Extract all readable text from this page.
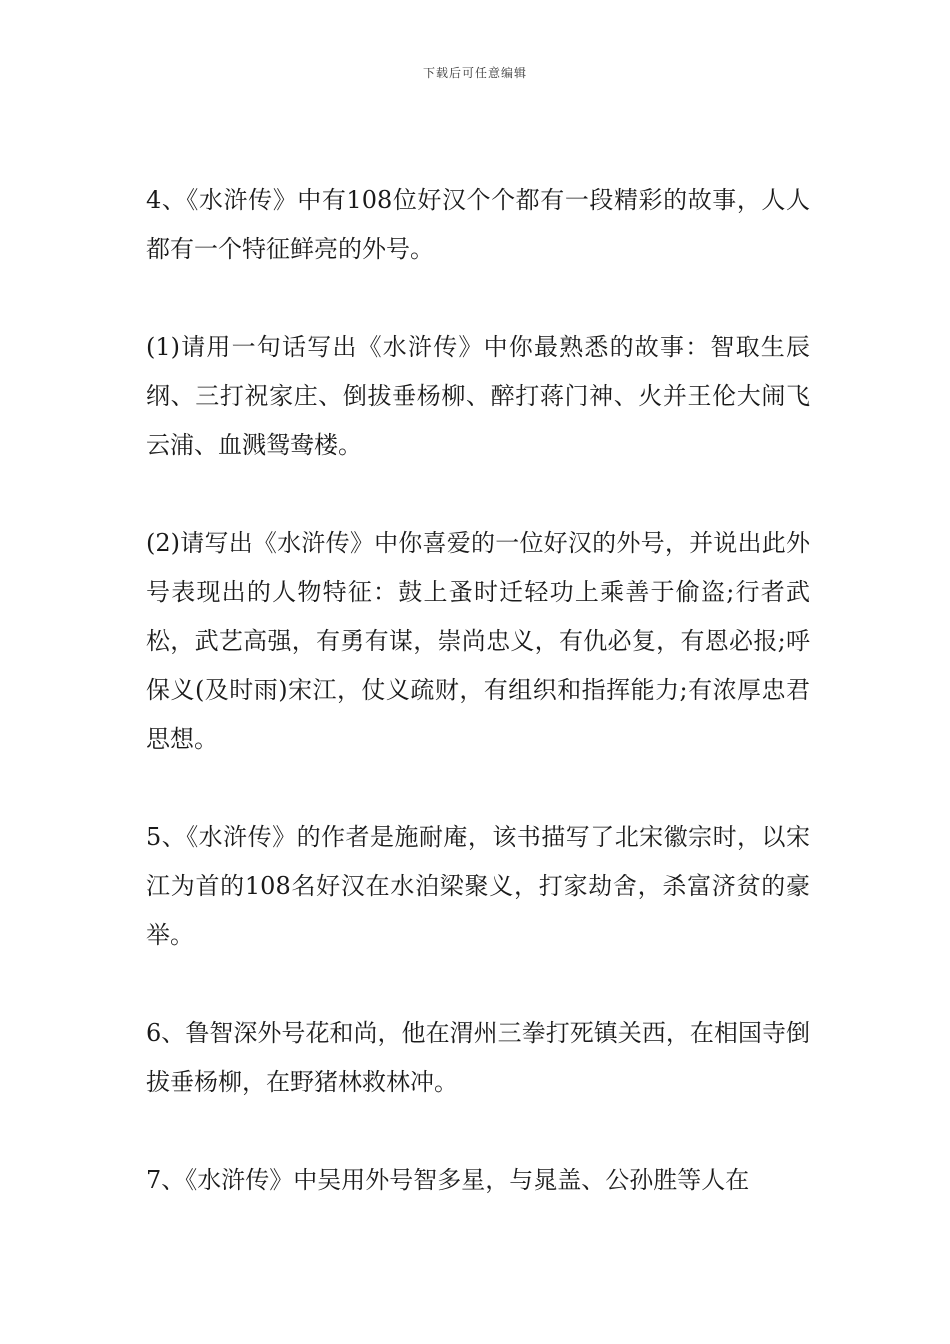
下载后可任意编辑

4、《水浒传》中有108位好汉个个都有一段精彩的故事，人人都有一个特征鲜亮的外号。

(1)请用一句话写出《水浒传》中你最熟悉的故事：智取生辰纲、三打祝家庄、倒拔垂杨柳、醉打蒋门神、火并王伦大闹飞云浦、血溅鸳鸯楼。

(2)请写出《水浒传》中你喜爱的一位好汉的外号，并说出此外号表现出的人物特征：鼓上蚤时迁轻功上乘善于偷盗;行者武松，武艺高强，有勇有谋，崇尚忠义，有仇必复，有恩必报;呼保义(及时雨)宋江，仗义疏财，有组织和指挥能力;有浓厚忠君思想。

5、《水浒传》的作者是施耐庵，该书描写了北宋徽宗时，以宋江为首的108名好汉在水泊梁聚义，打家劫舍，杀富济贫的豪举。

6、鲁智深外号花和尚，他在渭州三拳打死镇关西，在相国寺倒拔垂杨柳，在野猪林救林冲。

7、《水浒传》中吴用外号智多星，与晁盖、公孙胜等人在
